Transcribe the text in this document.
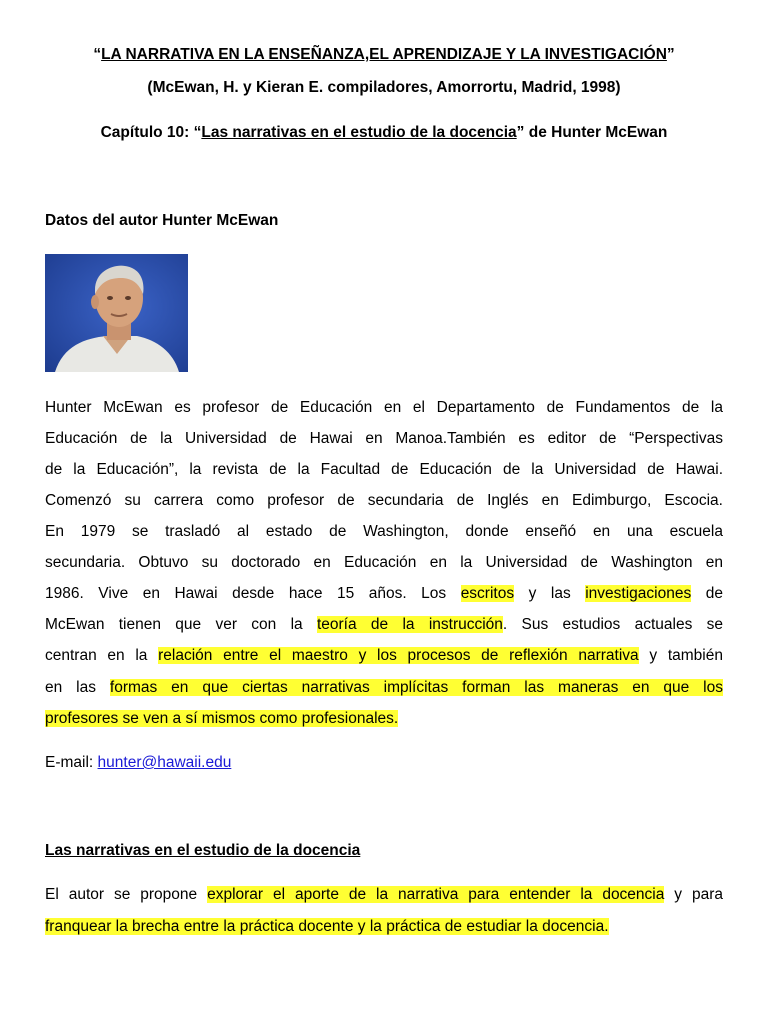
“LA NARRATIVA EN LA ENSEÑANZA,EL APRENDIZAJE Y LA INVESTIGACIÓN”
(McEwan, H. y Kieran E. compiladores, Amorrortu, Madrid, 1998)
Capítulo 10: “Las narrativas en el estudio de la docencia” de Hunter McEwan
Datos del autor Hunter McEwan
Hunter McEwan es profesor de Educación en el Departamento de Fundamentos de la
Educación de la Universidad de Hawai en Manoa.También es editor de “Perspectivas
de la Educación”, la revista de la Facultad de Educación de la Universidad de Hawai.
Comenzó su carrera como profesor de secundaria de Inglés en Edimburgo, Escocia.
En 1979 se trasladó al estado de Washington, donde enseñó en una escuela
secundaria. Obtuvo su doctorado en Educación en la Universidad de Washington en
1986. Vive en Hawai desde hace 15 años. Los escritos y las investigaciones de
McEwan tienen que ver con la teoría de la instrucción. Sus estudios actuales se
centran en la relación entre el maestro y los procesos de reflexión narrativa y también
en las formas en que ciertas narrativas implícitas forman las maneras en que los
profesores se ven a sí mismos como profesionales.
E-mail: hunter@hawaii.edu
Las narrativas en el estudio de la docencia
El autor se propone explorar el aporte de la narrativa para entender la docencia y para
franquear la brecha entre la práctica docente y la práctica de estudiar la docencia.
